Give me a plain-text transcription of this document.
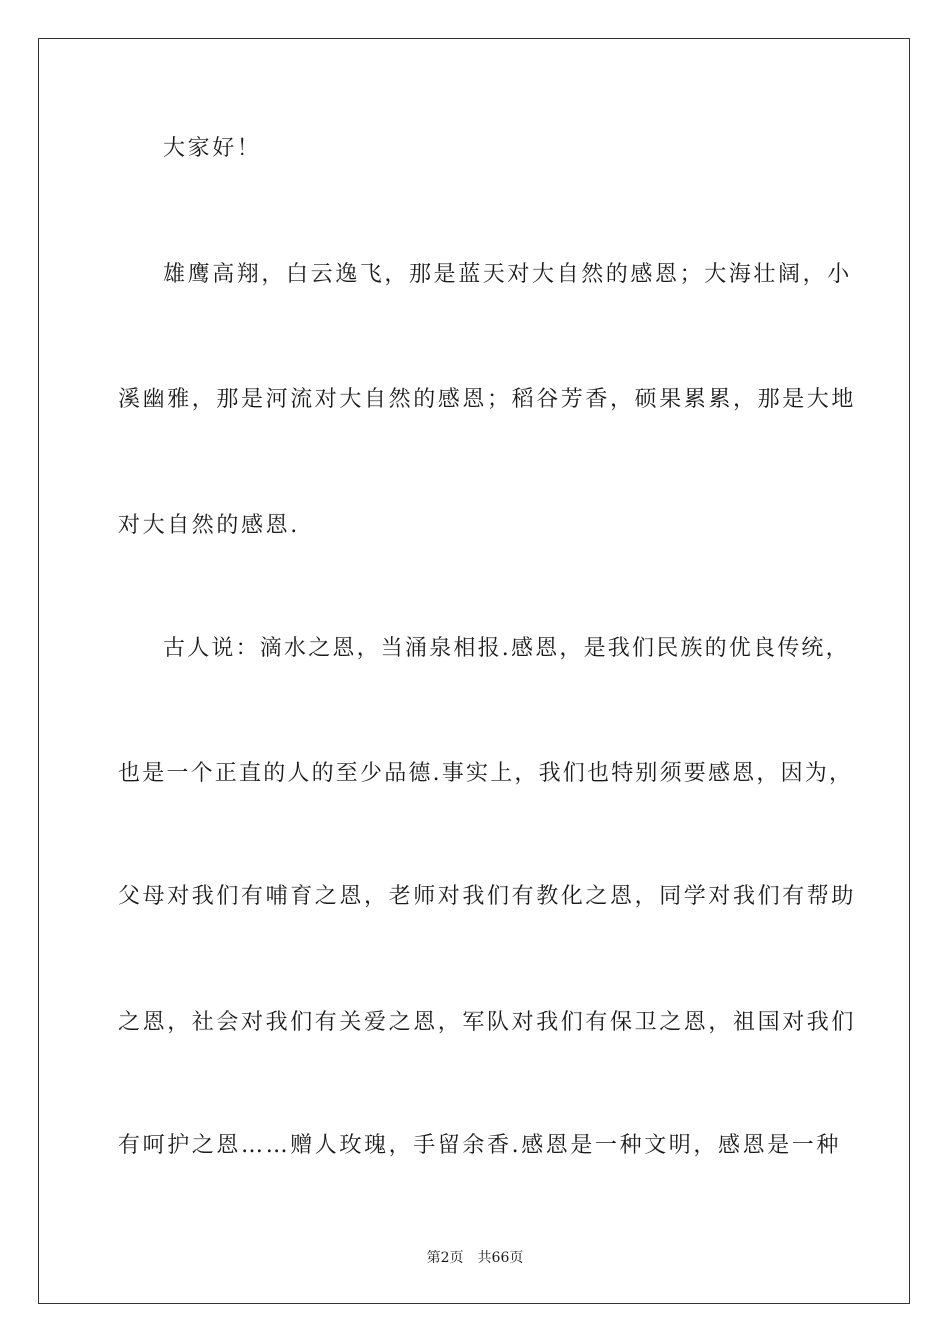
大家好！
雄鹰高翔，白云逸飞，那是蓝天对大自然的感恩；大海壮阔，小
溪幽雅，那是河流对大自然的感恩；稻谷芳香，硕果累累，那是大地
对大自然的感恩.
古人说：滴水之恩，当涌泉相报.感恩，是我们民族的优良传统，
也是一个正直的人的至少品德.事实上，我们也特别须要感恩，因为，
父母对我们有哺育之恩，老师对我们有教化之恩，同学对我们有帮助
之恩，社会对我们有关爱之恩，军队对我们有保卫之恩，祖国对我们
有呵护之恩……赠人玫瑰，手留余香.感恩是一种文明，感恩是一种
第2页 共66页
